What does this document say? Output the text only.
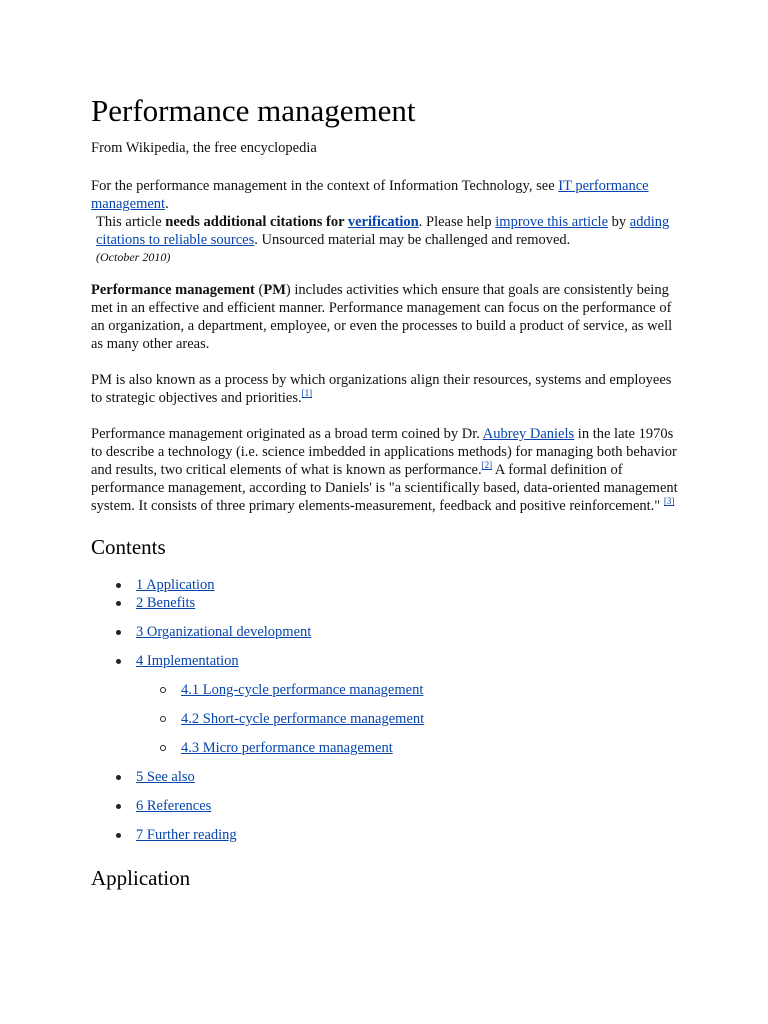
Performance management
From Wikipedia, the free encyclopedia
For the performance management in the context of Information Technology, see IT performance management.
This article needs additional citations for verification. Please help improve this article by adding citations to reliable sources. Unsourced material may be challenged and removed.
(October 2010)

Performance management (PM) includes activities which ensure that goals are consistently being met in an effective and efficient manner. Performance management can focus on the performance of an organization, a department, employee, or even the processes to build a product of service, as well as many other areas.

PM is also known as a process by which organizations align their resources, systems and employees to strategic objectives and priorities.[1]

Performance management originated as a broad term coined by Dr. Aubrey Daniels in the late 1970s to describe a technology (i.e. science imbedded in applications methods) for managing both behavior and results, two critical elements of what is known as performance.[2] A formal definition of performance management, according to Daniels' is "a scientifically based, data-oriented management system. It consists of three primary elements-measurement, feedback and positive reinforcement." [3]

Contents
1 Application
2 Benefits
3 Organizational development
4 Implementation
4.1 Long-cycle performance management
4.2 Short-cycle performance management
4.3 Micro performance management
5 See also
6 References
7 Further reading
Application
